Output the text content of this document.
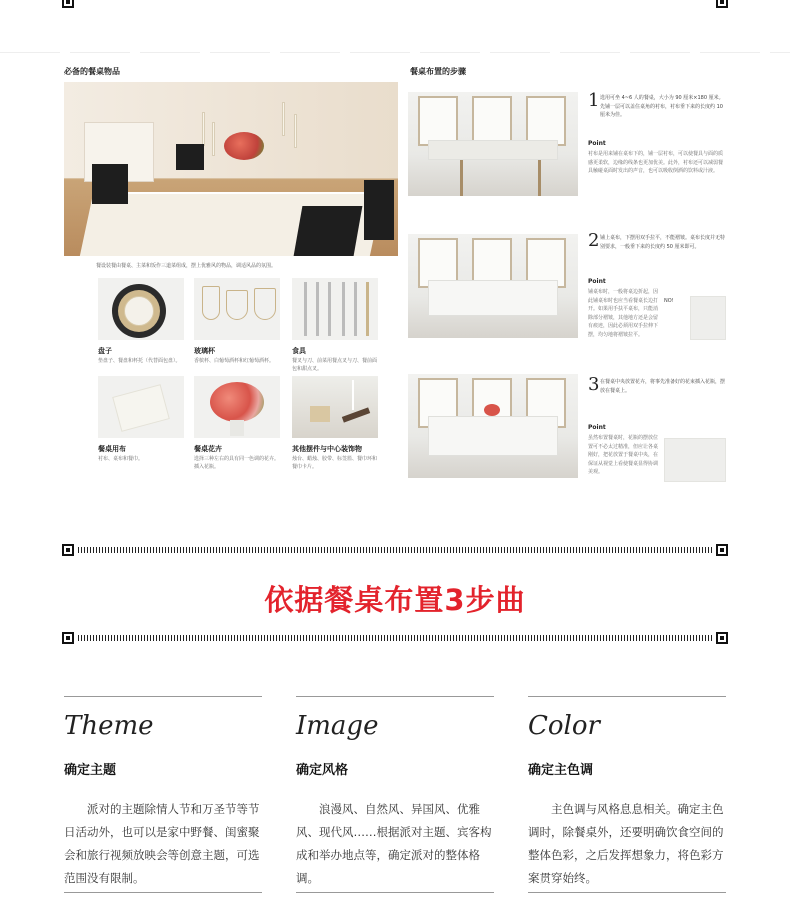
必备的餐桌物品
餐设装餐由餐桌、主菜和饭作三道菜组成，摆上优雅风的物品，调适风品的氛围。
盘子
垫盘子、餐盘和杯托（代替面包盘）。
玻璃杯
香槟杯、白葡萄酒杯和红葡萄酒杯。
食具
餐叉与刀、前菜用餐点叉与刀、餐前面包和甜点叉。
餐桌用布
衬布、桌布和餐巾。
餐桌花卉
选择三种左右的具有同一色调的花卉。插入花瓶。
其他摆件与中心装饰物
烛台、蜡烛、胶带、标签篮、餐巾环和餐巾卡片。
餐桌布置的步骤
1 选用可坐 4~6 人的餐桌，大小为 90 厘米×180 厘米。先铺一层可以盖住桌角的衬布，衬布垂下来的长度约 10 厘米为佳。
Point
衬布是用来铺在桌布下的，铺一层衬布，可以使餐具与面的质感更柔软，边缘的线条也更加优美。此外，衬布还可以减弱餐具触碰桌面时发出的声音，也可以吸收倒洒的饮料或汁液。
2 铺上桌布，下摆用双手拉平，不能褶皱。桌布长度并无特别要求，一般垂下来的长度约 50 厘米即可。
Point
铺桌布时，一般将桌边折起，因此铺桌布时也应当看餐桌长边打开。如果用手扶平桌布，只能消除部分褶皱，其他地方还是会留有痕迹，因此必须用双手拉伸下摆，均匀地将褶皱拉平。
NO!
3 在餐桌中央放置花卉，将事先准备好的花束插入花瓶，摆放在餐桌上。
Point
虽然布置餐桌时，花瓶的摆放位置可不必太过精准，但应让各桌刚好，把花放置于餐桌中央，在保证从视觉上看使餐桌显得协调美观。
依据餐桌布置3步曲
Theme
确定主题
派对的主题除情人节和万圣节等节日活动外，也可以是家中野餐、闺蜜聚会和旅行视频放映会等创意主题，可选范围没有限制。
Image
确定风格
浪漫风、自然风、异国风、优雅风、现代风……根据派对主题、宾客构成和举办地点等，确定派对的整体格调。
Color
确定主色调
主色调与风格息息相关。确定主色调时，除餐桌外，还要明确饮食空间的整体色彩，之后发挥想象力，将色彩方案贯穿始终。
